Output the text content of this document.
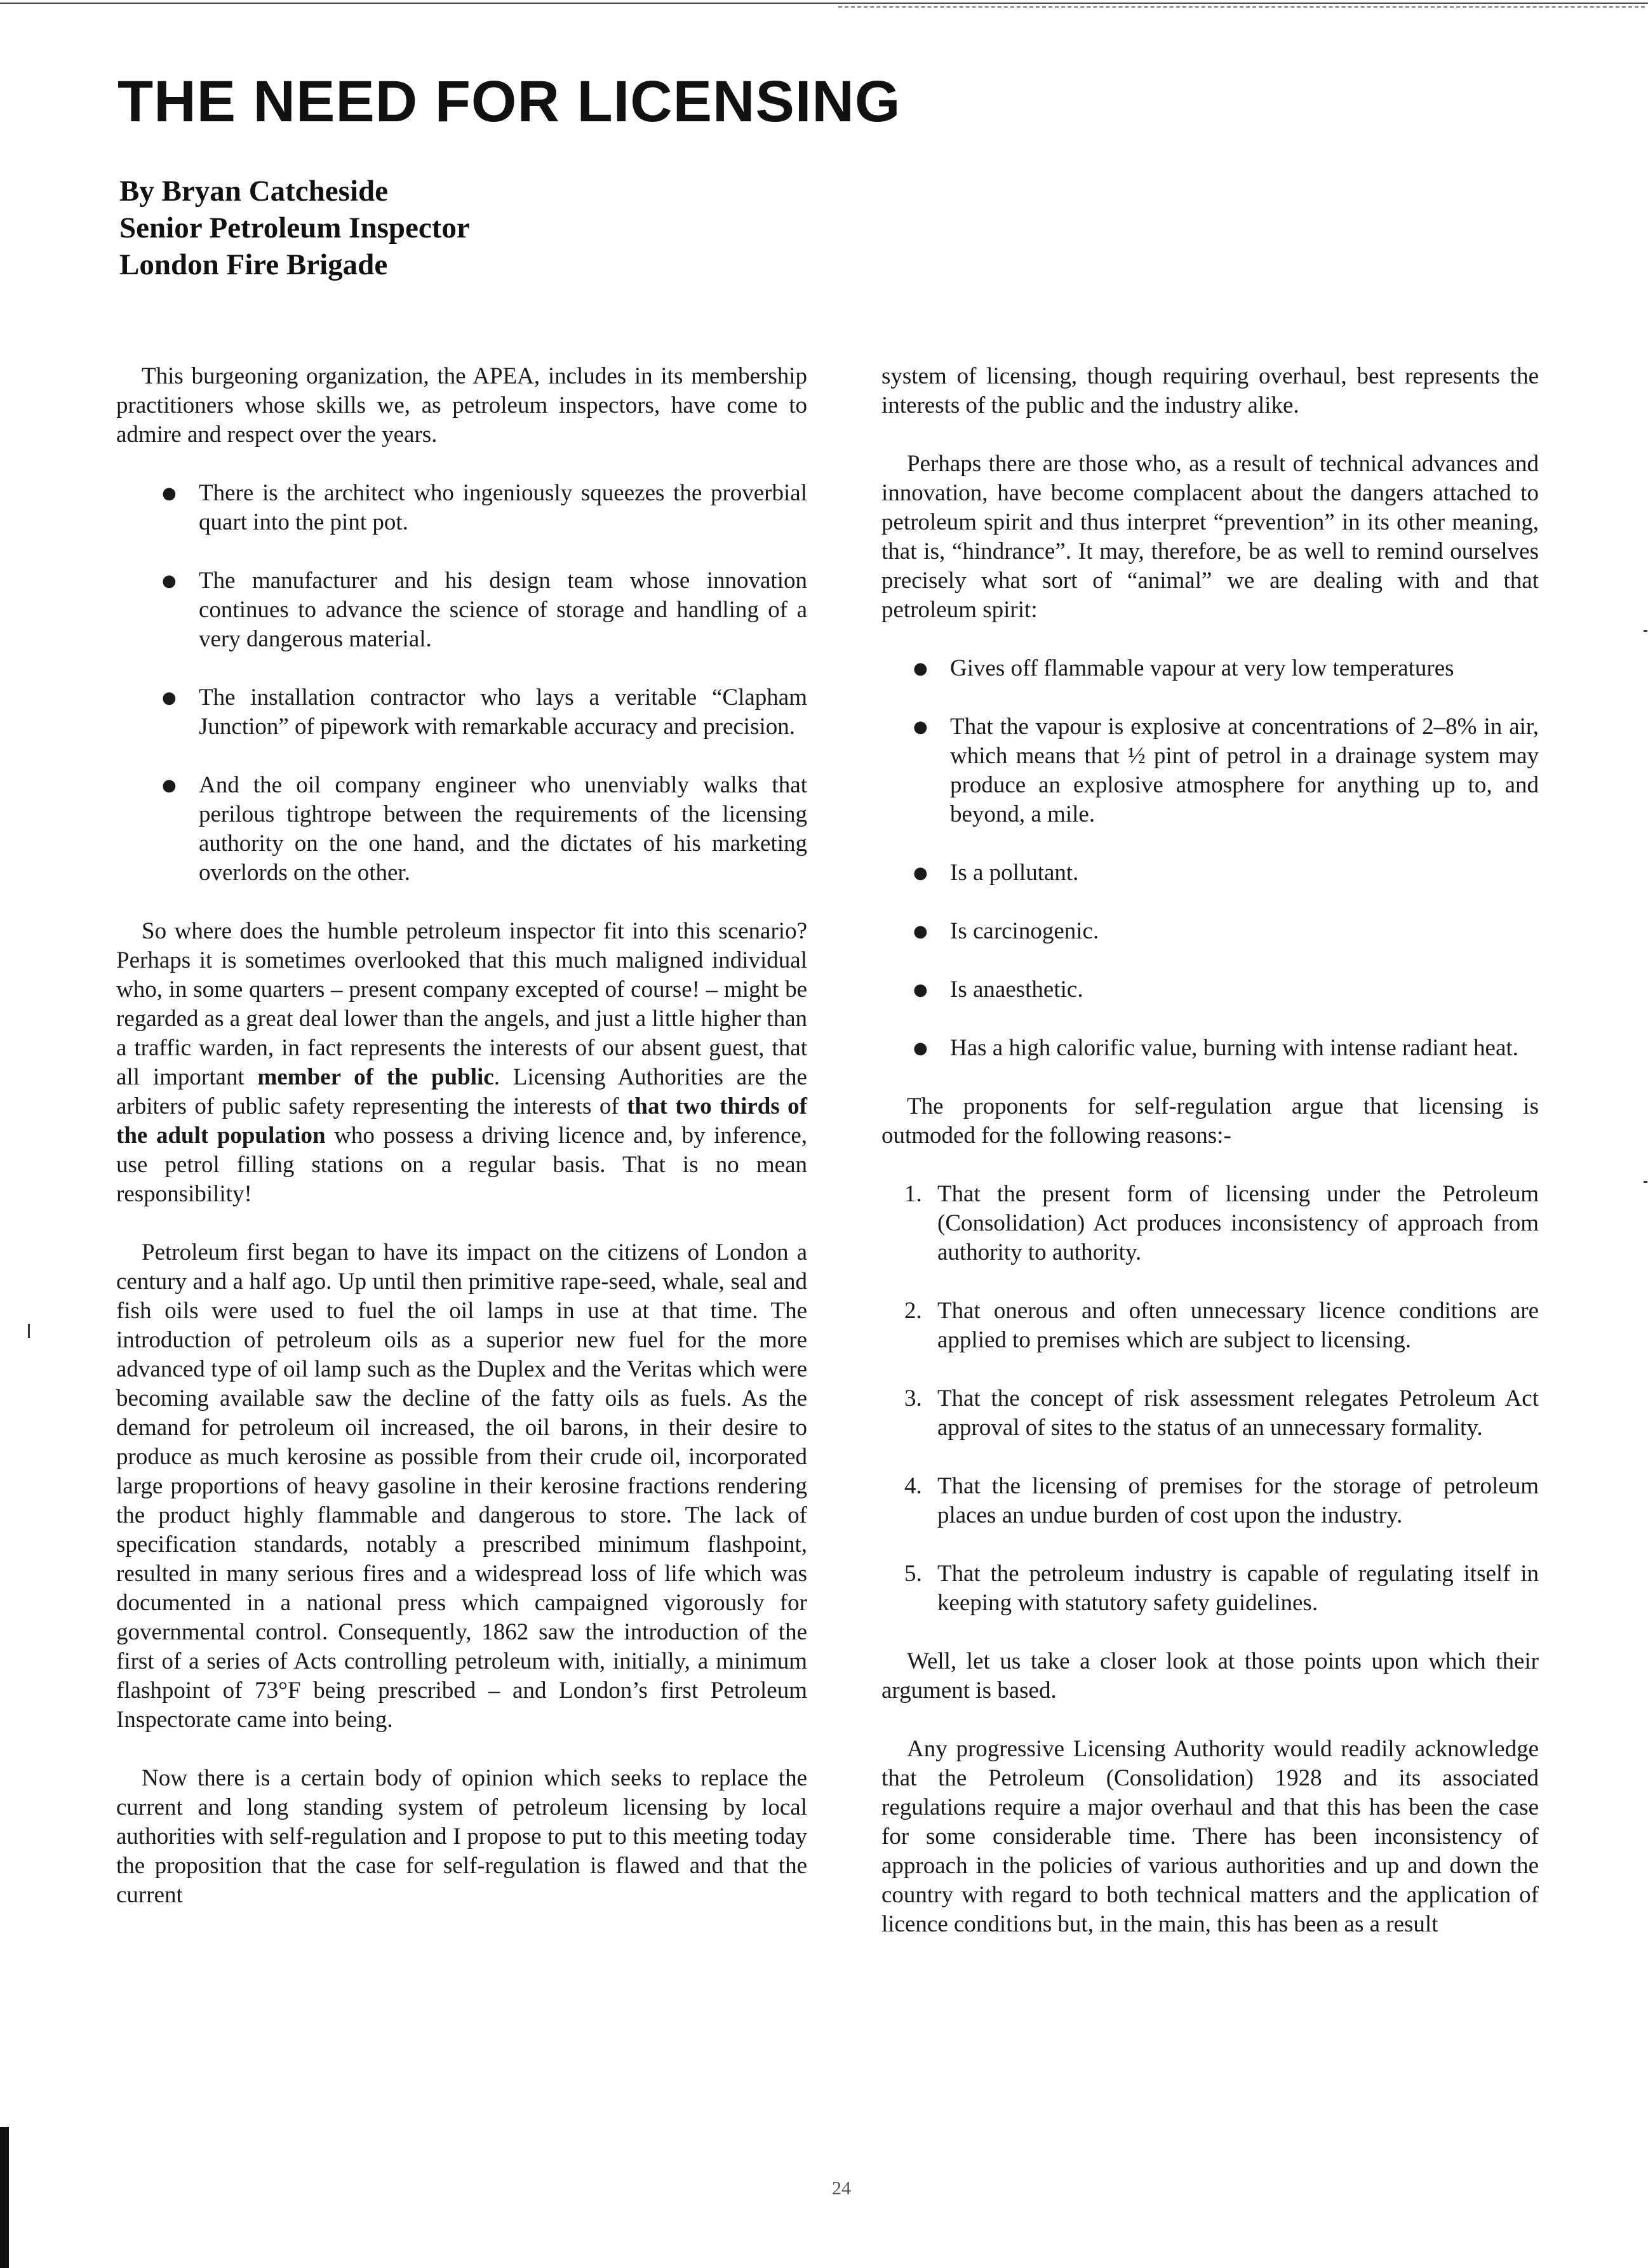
THE NEED FOR LICENSING
By Bryan Catcheside
Senior Petroleum Inspector
London Fire Brigade

This burgeoning organization, the APEA, includes in its membership practitioners whose skills we, as petroleum inspectors, have come to admire and respect over the years.

● There is the architect who ingeniously squeezes the proverbial quart into the pint pot.
● The manufacturer and his design team whose innovation continues to advance the science of storage and handling of a very dangerous material.
● The installation contractor who lays a veritable “Clapham Junction” of pipework with remarkable accuracy and precision.
● And the oil company engineer who unenviably walks that perilous tightrope between the requirements of the licensing authority on the one hand, and the dictates of his marketing overlords on the other.

So where does the humble petroleum inspector fit into this scenario? Perhaps it is sometimes overlooked that this much maligned individual who, in some quarters – present company excepted of course! – might be regarded as a great deal lower than the angels, and just a little higher than a traffic warden, in fact represents the interests of our absent guest, that all important member of the public. Licensing Authorities are the arbiters of public safety representing the interests of that two thirds of the adult population who possess a driving licence and, by inference, use petrol filling stations on a regular basis. That is no mean responsibility!

Petroleum first began to have its impact on the citizens of London a century and a half ago. Up until then primitive rape-seed, whale, seal and fish oils were used to fuel the oil lamps in use at that time. The introduction of petroleum oils as a superior new fuel for the more advanced type of oil lamp such as the Duplex and the Veritas which were becoming available saw the decline of the fatty oils as fuels. As the demand for petroleum oil increased, the oil barons, in their desire to produce as much kerosine as possible from their crude oil, incorporated large proportions of heavy gasoline in their kerosine fractions rendering the product highly flammable and dangerous to store. The lack of specification standards, notably a prescribed minimum flashpoint, resulted in many serious fires and a widespread loss of life which was documented in a national press which campaigned vigorously for governmental control. Consequently, 1862 saw the introduction of the first of a series of Acts controlling petroleum with, initially, a minimum flashpoint of 73°F being prescribed – and London’s first Petroleum Inspectorate came into being.

Now there is a certain body of opinion which seeks to replace the current and long standing system of petroleum licensing by local authorities with self-regulation and I propose to put to this meeting today the proposition that the case for self-regulation is flawed and that the current

system of licensing, though requiring overhaul, best represents the interests of the public and the industry alike.

Perhaps there are those who, as a result of technical advances and innovation, have become complacent about the dangers attached to petroleum spirit and thus interpret “prevention” in its other meaning, that is, “hindrance”. It may, therefore, be as well to remind ourselves precisely what sort of “animal” we are dealing with and that petroleum spirit:

● Gives off flammable vapour at very low temperatures
● That the vapour is explosive at concentrations of 2–8% in air, which means that ½ pint of petrol in a drainage system may produce an explosive atmosphere for anything up to, and beyond, a mile.
● Is a pollutant.
● Is carcinogenic.
● Is anaesthetic.
● Has a high calorific value, burning with intense radiant heat.

The proponents for self-regulation argue that licensing is outmoded for the following reasons:-

1. That the present form of licensing under the Petroleum (Consolidation) Act produces inconsistency of approach from authority to authority.
2. That onerous and often unnecessary licence conditions are applied to premises which are subject to licensing.
3. That the concept of risk assessment relegates Petroleum Act approval of sites to the status of an unnecessary formality.
4. That the licensing of premises for the storage of petroleum places an undue burden of cost upon the industry.
5. That the petroleum industry is capable of regulating itself in keeping with statutory safety guidelines.

Well, let us take a closer look at those points upon which their argument is based.

Any progressive Licensing Authority would readily acknowledge that the Petroleum (Consolidation) 1928 and its associated regulations require a major overhaul and that this has been the case for some considerable time. There has been inconsistency of approach in the policies of various authorities and up and down the country with regard to both technical matters and the application of licence conditions but, in the main, this has been as a result

24
